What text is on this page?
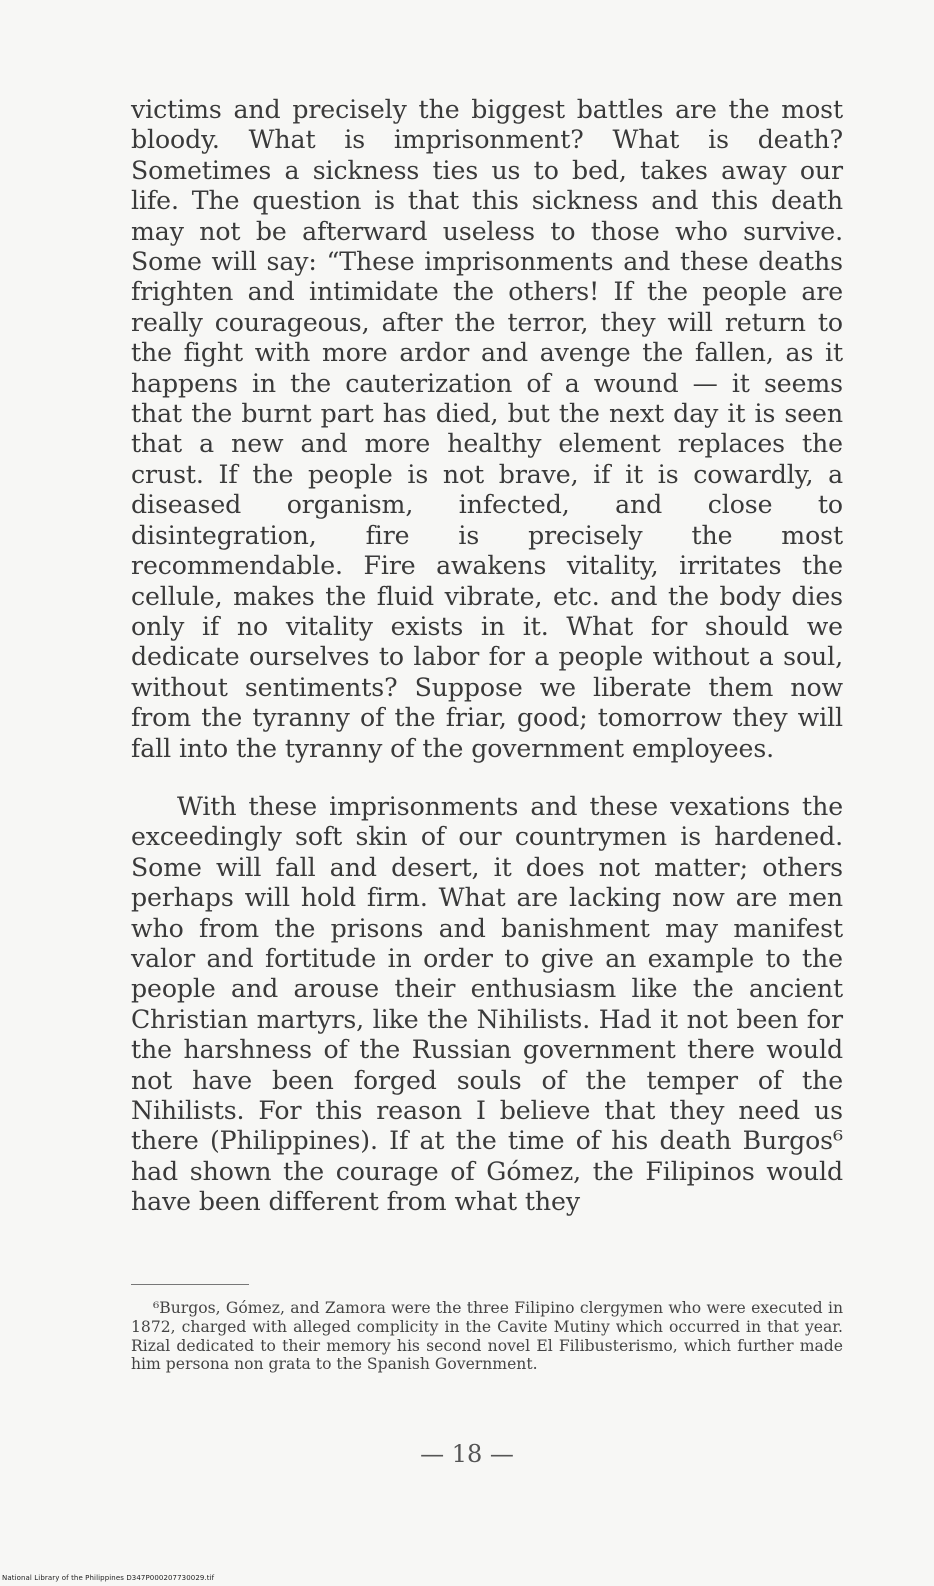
victims and precisely the biggest battles are the most bloody. What is imprisonment? What is death? Sometimes a sickness ties us to bed, takes away our life. The question is that this sickness and this death may not be afterward useless to those who survive. Some will say: “These imprisonments and these deaths frighten and intimidate the others! If the people are really courageous, after the terror, they will return to the fight with more ardor and avenge the fallen, as it happens in the cauterization of a wound — it seems that the burnt part has died, but the next day it is seen that a new and more healthy element replaces the crust. If the people is not brave, if it is cowardly, a diseased organism, infected, and close to disintegration, fire is precisely the most recommendable. Fire awakens vitality, irritates the cellule, makes the fluid vibrate, etc. and the body dies only if no vitality exists in it. What for should we dedicate ourselves to labor for a people without a soul, without sentiments? Suppose we liberate them now from the tyranny of the friar, good; tomorrow they will fall into the tyranny of the government employees.

With these imprisonments and these vexations the exceedingly soft skin of our countrymen is hardened. Some will fall and desert, it does not matter; others perhaps will hold firm. What are lacking now are men who from the prisons and banishment may manifest valor and fortitude in order to give an example to the people and arouse their enthusiasm like the ancient Christian martyrs, like the Nihilists. Had it not been for the harshness of the Russian government there would not have been forged souls of the temper of the Nihilists. For this reason I believe that they need us there (Philippines). If at the time of his death Burgos⁶ had shown the courage of Gómez, the Filipinos would have been different from what they

⁶Burgos, Gómez, and Zamora were the three Filipino clergymen who were executed in 1872, charged with alleged complicity in the Cavite Mutiny which occurred in that year. Rizal dedicated to their memory his second novel El Filibusterismo, which further made him persona non grata to the Spanish Government.

— 18 —
National Library of the Philippines D347P000207730029.tif
